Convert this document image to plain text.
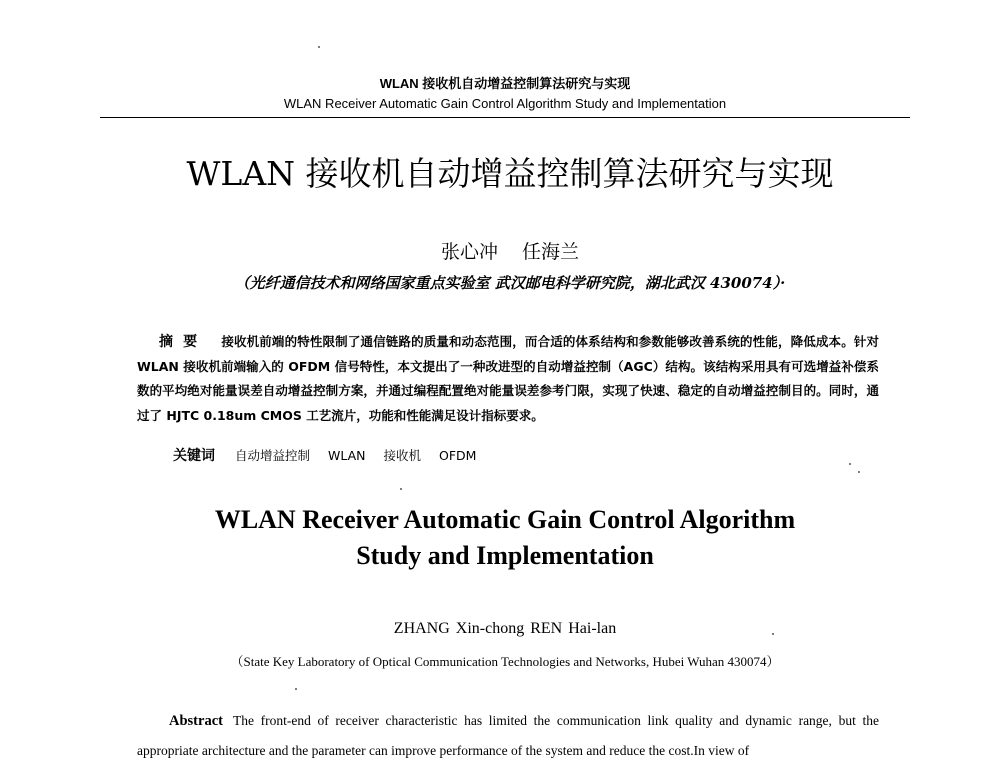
WLAN 接收机自动增益控制算法研究与实现
WLAN Receiver Automatic Gain Control Algorithm Study and Implementation
WLAN 接收机自动增益控制算法研究与实现
张心冲 任海兰
（光纤通信技术和网络国家重点实验室 武汉邮电科学研究院，湖北武汉 430074）·
摘要 接收机前端的特性限制了通信链路的质量和动态范围，而合适的体系结构和参数能够改善系统的性能，降低成本。针对 WLAN 接收机前端输入的 OFDM 信号特性，本文提出了一种改进型的自动增益控制（AGC）结构。该结构采用具有可选增益补偿系数的平均绝对能量误差自动增益控制方案，并通过编程配置绝对能量误差参考门限，实现了快速、稳定的自动增益控制目的。同时，通过了 HJTC 0.18um CMOS 工艺流片，功能和性能满足设计指标要求。
关键词 自动增益控制 WLAN 接收机 OFDM
WLAN Receiver Automatic Gain Control Algorithm
Study and Implementation
ZHANG Xin-chong REN Hai-lan
（State Key Laboratory of Optical Communication Technologies and Networks, Hubei Wuhan 430074）
Abstract The front-end of receiver characteristic has limited the communication link quality and dynamic range, but the appropriate architecture and the parameter can improve performance of the system and reduce the cost.In view of
